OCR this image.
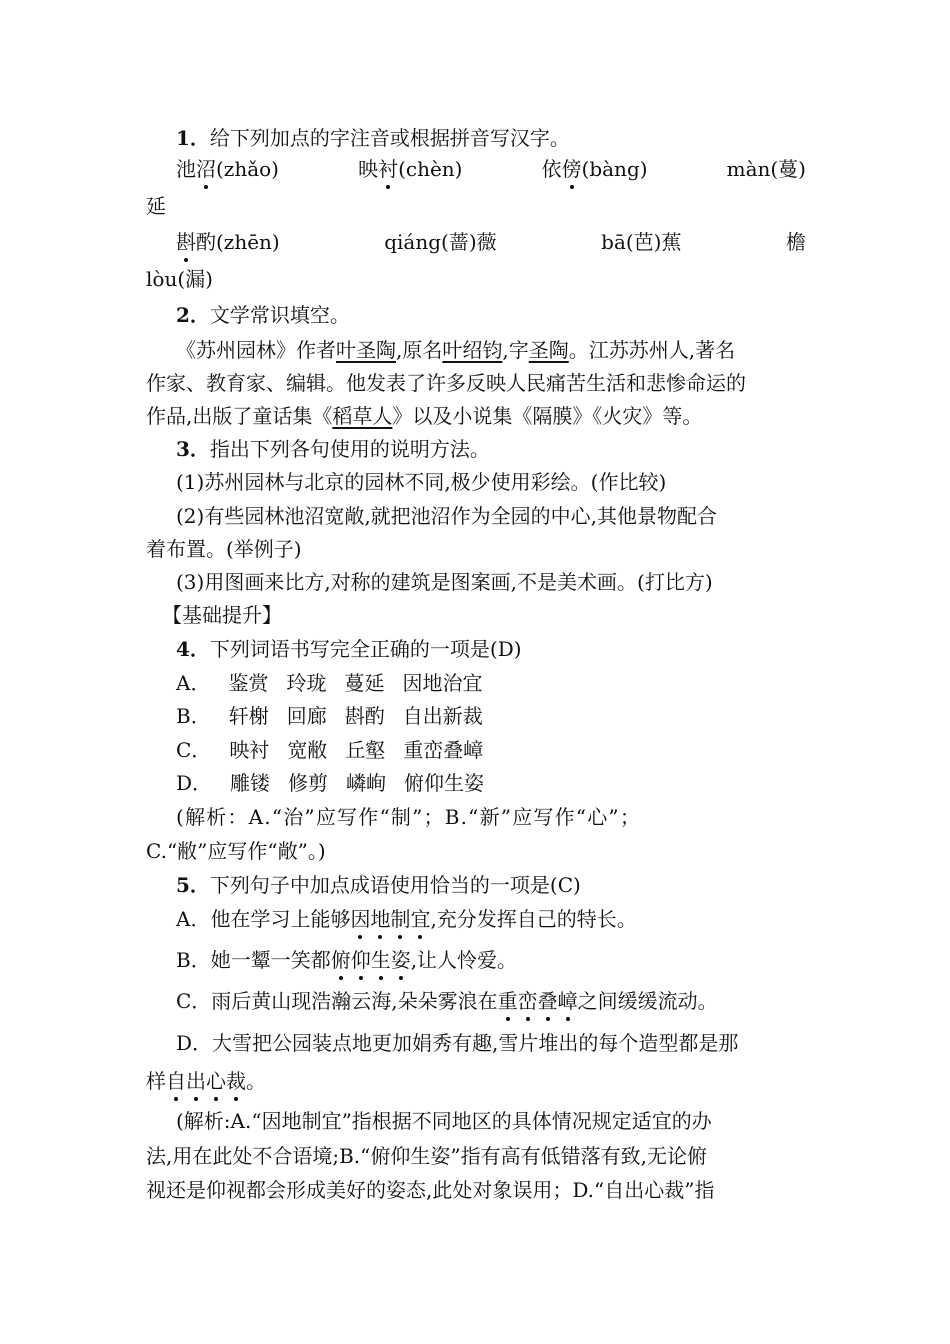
1．给下列加点的字注音或根据拼音写汉字。
池沼(zhǎo)	映衬(chèn)	依傍(bàng)	màn(蔓)
延
斟酌(zhēn)	qiáng(蔷)薇	bā(芭)蕉	檐
lòu(漏)
2．文学常识填空。
《苏州园林》作者叶圣陶,原名叶绍钧,字圣陶。江苏苏州人,著名
作家、教育家、编辑。他发表了许多反映人民痛苦生活和悲惨命运的
作品,出版了童话集《稻草人》以及小说集《隔膜》《火灾》等。
3．指出下列各句使用的说明方法。
(1)苏州园林与北京的园林不同,极少使用彩绘。(作比较)
(2)有些园林池沼宽敞,就把池沼作为全园的中心,其他景物配合
着布置。(举例子)
(3)用图画来比方,对称的建筑是图案画,不是美术画。(打比方)
【基础提升】
4．下列词语书写完全正确的一项是(D)
A． 鉴赏 玲珑 蔓延 因地治宜
B． 轩榭 回廊 斟酌 自出新裁
C． 映衬 宽敝 丘壑 重峦叠嶂
D． 雕镂 修剪 嶙峋 俯仰生姿
(解析：A.“治”应写作“制”；B.“新”应写作“心”；
C.“敝”应写作“敞”。)
5．下列句子中加点成语使用恰当的一项是(C)
A．他在学习上能够因地制宜,充分发挥自己的特长。
B．她一颦一笑都俯仰生姿,让人怜爱。
C．雨后黄山现浩瀚云海,朵朵雾浪在重峦叠嶂之间缓缓流动。
D．大雪把公园装点地更加娟秀有趣,雪片堆出的每个造型都是那
样自出心裁。
(解析:A.“因地制宜”指根据不同地区的具体情况规定适宜的办
法,用在此处不合语境;B.“俯仰生姿”指有高有低错落有致,无论俯
视还是仰视都会形成美好的姿态,此处对象误用；D.“自出心裁”指
